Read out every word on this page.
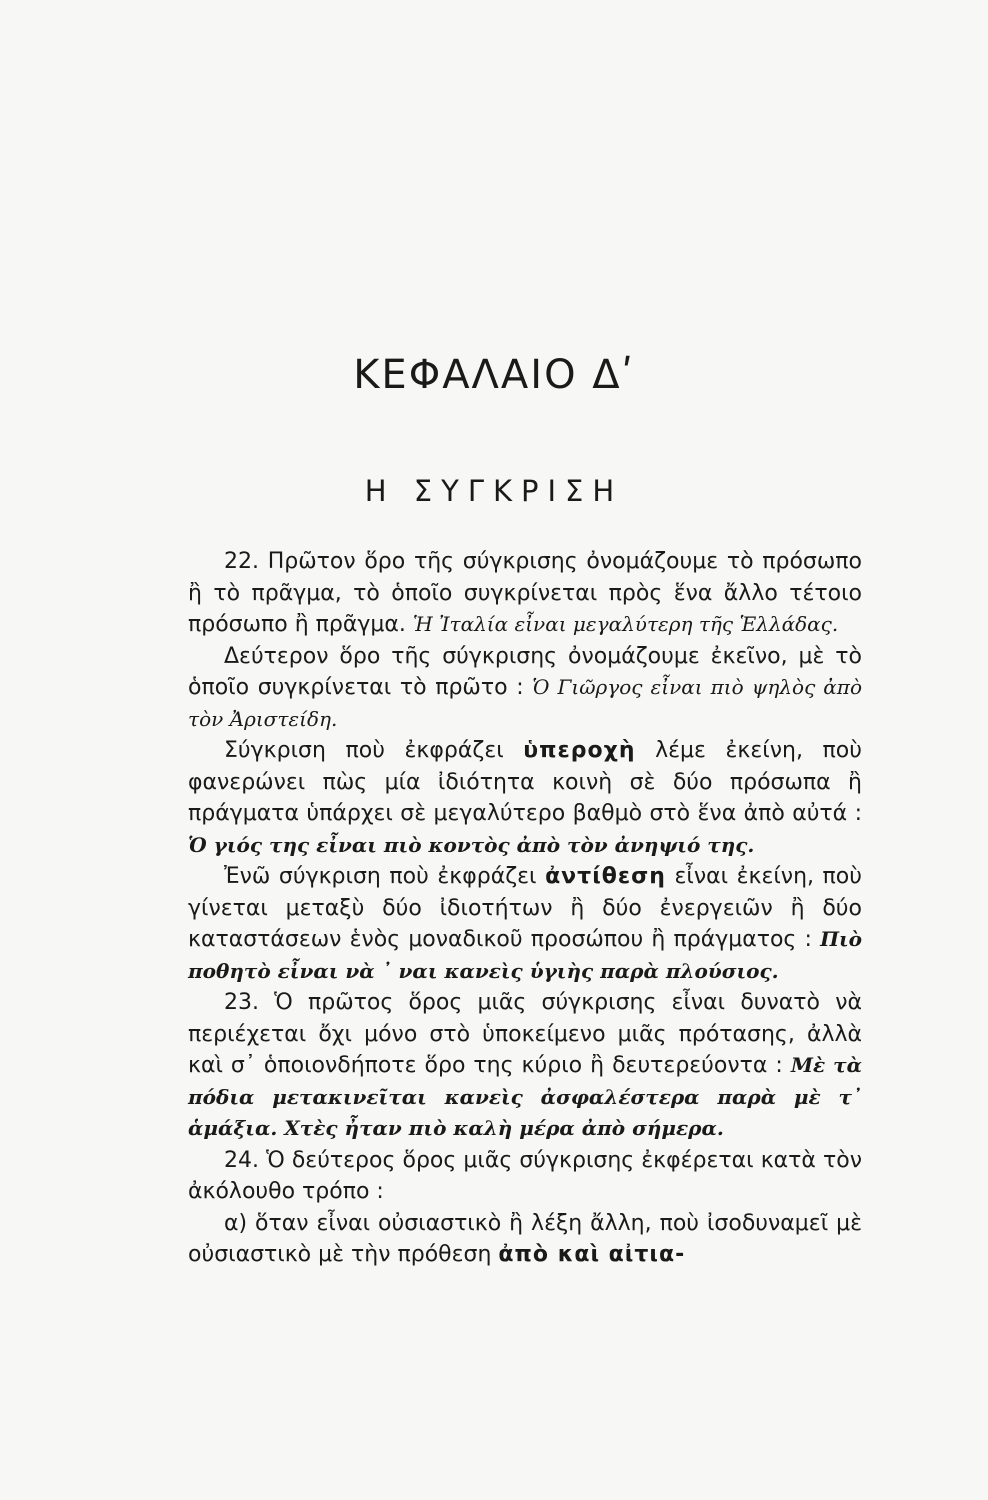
ΚΕΦΑΛΑΙΟ Δʹ
Η ΣΥΓΚΡΙΣΗ

22. Πρῶτον ὅρο τῆς σύγκρισης ὀνομάζουμε τὸ πρόσωπο ἢ τὸ πρᾶγμα, τὸ ὁποῖο συγκρίνεται πρὸς ἕνα ἄλλο τέτοιο πρόσωπο ἢ πρᾶγμα. Ἡ Ἰταλία εἶναι μεγαλύτερη τῆς Ἑλλάδας.

Δεύτερον ὅρο τῆς σύγκρισης ὀνομάζουμε ἐκεῖνο, μὲ τὸ ὁποῖο συγκρίνεται τὸ πρῶτο : Ὁ Γιῶργος εἶναι πιὸ ψηλὸς ἀπὸ τὸν Ἀριστείδη.

Σύγκριση ποὺ ἐκφράζει ὑπεροχὴ λέμε ἐκείνη, ποὺ φανερώνει πὼς μία ἰδιότητα κοινὴ σὲ δύο πρόσωπα ἢ πράγματα ὑπάρχει σὲ μεγαλύτερο βαθμὸ στὸ ἕνα ἀπὸ αὐτά : Ὁ γιός της εἶναι πιὸ κοντὸς ἀπὸ τὸν ἀνηψιό της.

Ἐνῶ σύγκριση ποὺ ἐκφράζει ἀντίθεση εἶναι ἐκείνη, ποὺ γίνεται μεταξὺ δύο ἰδιοτήτων ἢ δύο ἐνεργειῶν ἢ δύο καταστάσεων ἑνὸς μοναδικοῦ προσώπου ἢ πράγματος : Πιὸ ποθητὸ εἶναι νὰ ᾽ ναι κανεὶς ὑγιὴς παρὰ πλούσιος.

23. Ὁ πρῶτος ὅρος μιᾶς σύγκρισης εἶναι δυνατὸ νὰ περιέχεται ὄχι μόνο στὸ ὑποκείμενο μιᾶς πρότασης, ἀλλὰ καὶ σ᾽ ὁποιονδήποτε ὅρο της κύριο ἢ δευτερεύοντα : Μὲ τὰ πόδια μετακινεῖται κανεὶς ἀσφαλέστερα παρὰ μὲ τ᾽ ἁμάξια. Χτὲς ἦταν πιὸ καλὴ μέρα ἀπὸ σήμερα.

24. Ὁ δεύτερος ὅρος μιᾶς σύγκρισης ἐκφέρεται κατὰ τὸν ἀκόλουθο τρόπο :

α) ὅταν εἶναι οὐσιαστικὸ ἢ λέξη ἄλλη, ποὺ ἰσοδυναμεῖ μὲ οὐσιαστικὸ μὲ τὴν πρόθεση ἀπὸ καὶ αἰτια-
